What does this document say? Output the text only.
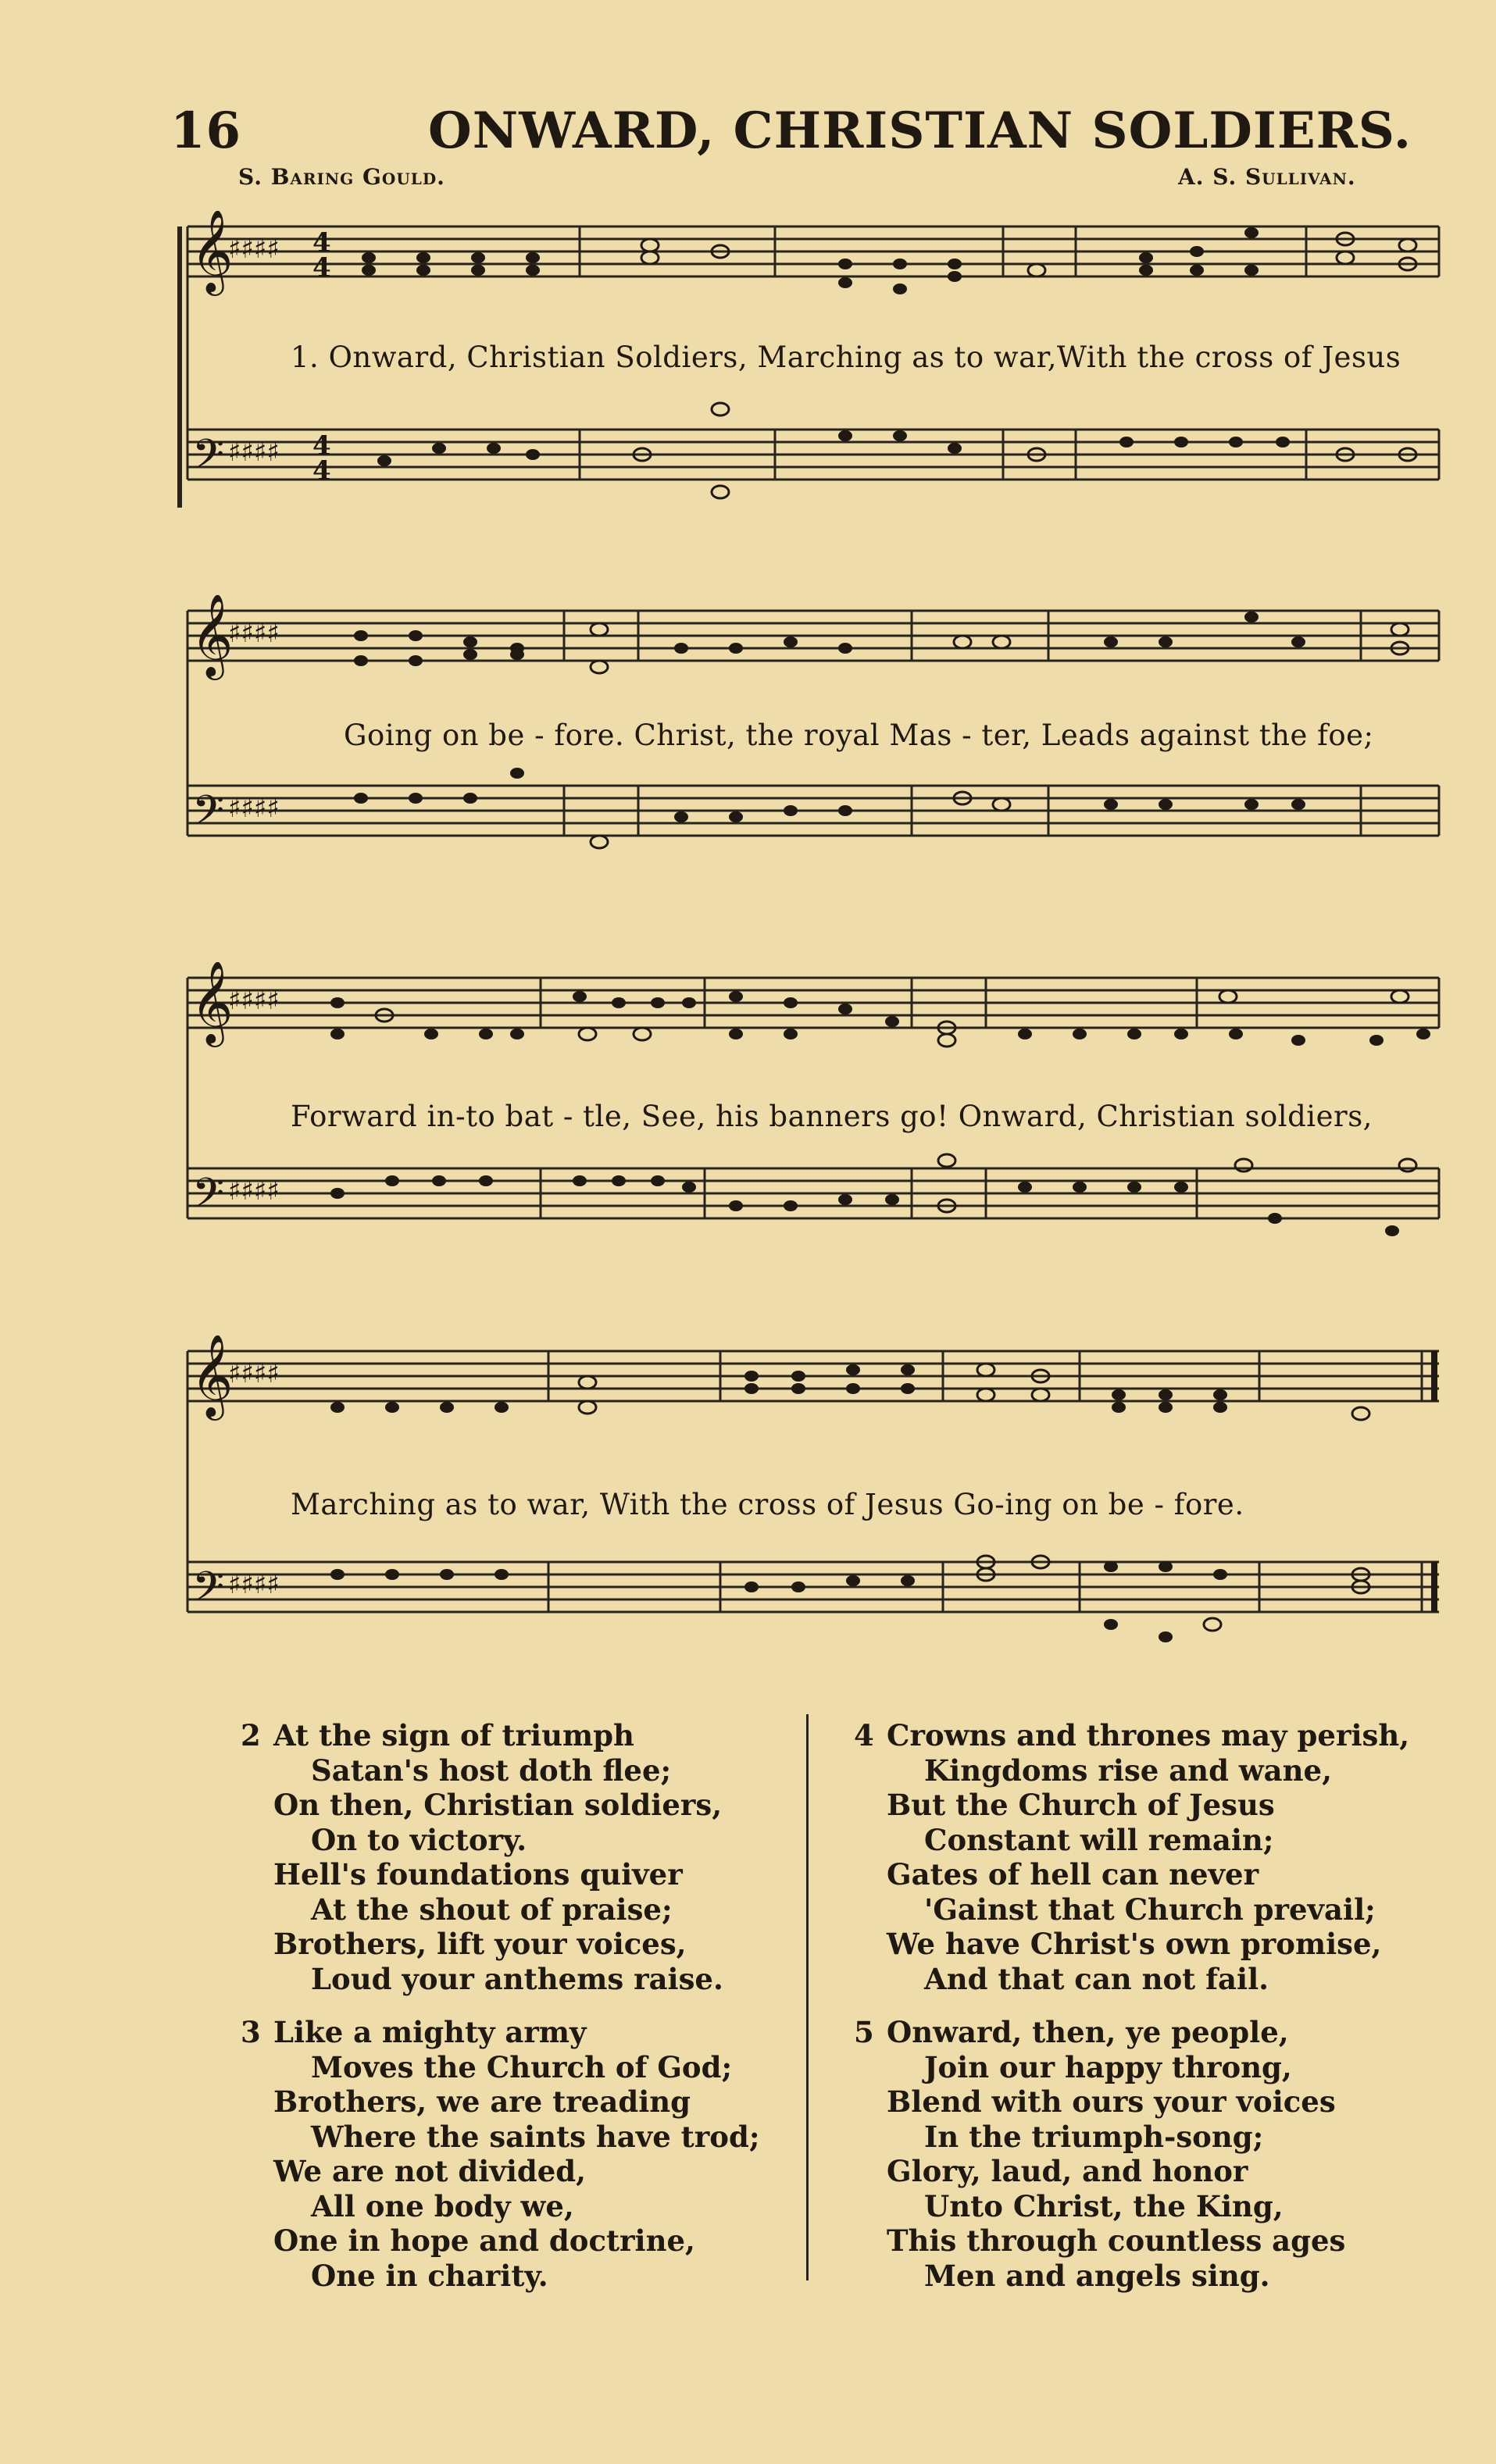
16	ONWARD, CHRISTIAN SOLDIERS.
S. Baring Gould.	A. S. Sullivan.
𝄞
𝄢
♯♯♯♯
♯♯♯♯
4
4
4
4
1. Onward, Christian Soldiers, Marching as to war,With the cross of Jesus
𝄞
𝄢
♯♯♯♯
♯♯♯♯
Going on be - fore. Christ, the royal Mas - ter, Leads against the foe;
𝄞
𝄢
♯♯♯♯
♯♯♯♯
Forward in-to bat - tle, See, his banners go! Onward, Christian soldiers,
𝄞
𝄢
♯♯♯♯
♯♯♯♯
Marching as to war, With the cross of Jesus Go-ing on be - fore.
2 At the sign of triumph
Satan's host doth flee;
On then, Christian soldiers,
On to victory.
Hell's foundations quiver
At the shout of praise;
Brothers, lift your voices,
Loud your anthems raise.
3 Like a mighty army
Moves the Church of God;
Brothers, we are treading
Where the saints have trod;
We are not divided,
All one body we,
One in hope and doctrine,
One in charity.
4 Crowns and thrones may perish,
Kingdoms rise and wane,
But the Church of Jesus
Constant will remain;
Gates of hell can never
'Gainst that Church prevail;
We have Christ's own promise,
And that can not fail.
5 Onward, then, ye people,
Join our happy throng,
Blend with ours your voices
In the triumph-song;
Glory, laud, and honor
Unto Christ, the King,
This through countless ages
Men and angels sing.
